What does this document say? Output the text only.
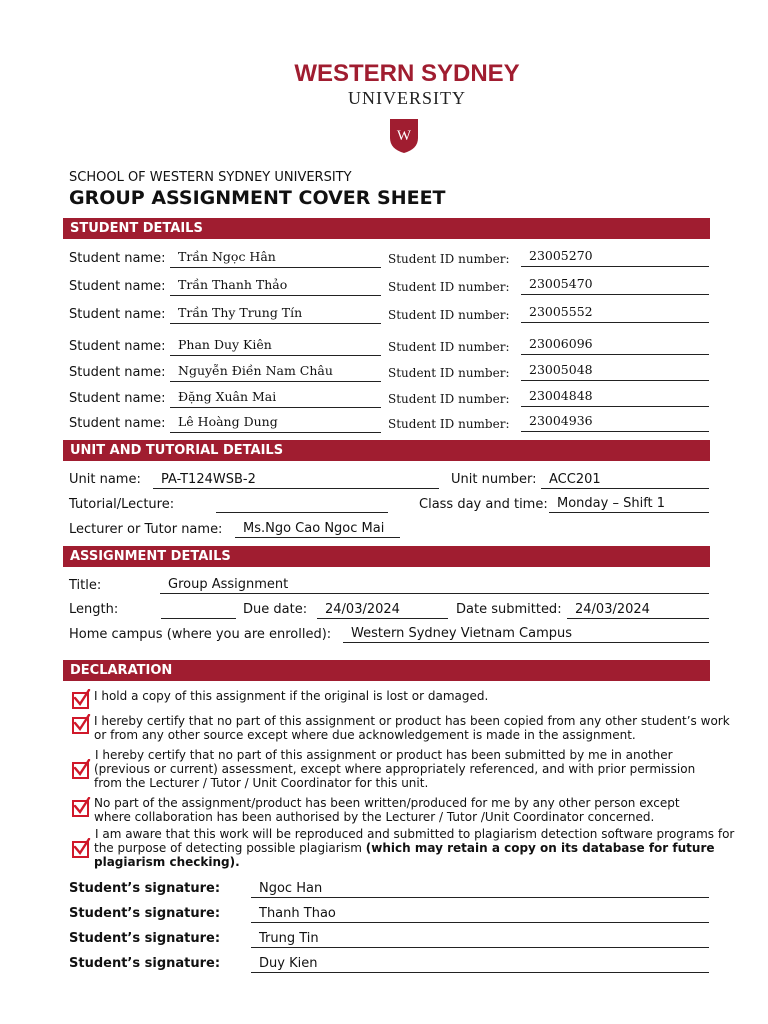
WESTERN SYDNEY
UNIVERSITY
W
SCHOOL OF WESTERN SYDNEY UNIVERSITY
GROUP ASSIGNMENT COVER SHEET
STUDENT DETAILS
Student name: Trần Ngọc Hân	Student ID number:	23005270
Student name: Trần Thanh Thảo	Student ID number:	23005470
Student name: Trần Thy Trung Tín	Student ID number:	23005552
Student name: Phan Duy Kiên	Student ID number:	23006096
Student name: Nguyễn Điền Nam Châu	Student ID number:	23005048
Student name: Đặng Xuân Mai	Student ID number:	23004848
Student name: Lê Hoàng Dung	Student ID number:	23004936
UNIT AND TUTORIAL DETAILS
Unit name:	PA-T124WSB-2	Unit number: ACC201
Tutorial/Lecture:	Class day and time: Monday – Shift 1
Lecturer or Tutor name:	Ms.Ngo Cao Ngoc Mai
ASSIGNMENT DETAILS
Title:	Group Assignment
Length:	Due date:	24/03/2024	Date submitted:	24/03/2024
Home campus (where you are enrolled):	Western Sydney Vietnam Campus
DECLARATION
I hold a copy of this assignment if the original is lost or damaged.
I hereby certify that no part of this assignment or product has been copied from any other student’s work
or from any other source except where due acknowledgement is made in the assignment.
I hereby certify that no part of this assignment or product has been submitted by me in another
(previous or current) assessment, except where appropriately referenced, and with prior permission
from the Lecturer / Tutor / Unit Coordinator for this unit.
No part of the assignment/product has been written/produced for me by any other person except
where collaboration has been authorised by the Lecturer / Tutor /Unit Coordinator concerned.
I am aware that this work will be reproduced and submitted to plagiarism detection software programs for
the purpose of detecting possible plagiarism (which may retain a copy on its database for future
plagiarism checking).
Student’s signature:	Ngoc Han
Student’s signature:	Thanh Thao
Student’s signature:	Trung Tin
Student’s signature:	Duy Kien
